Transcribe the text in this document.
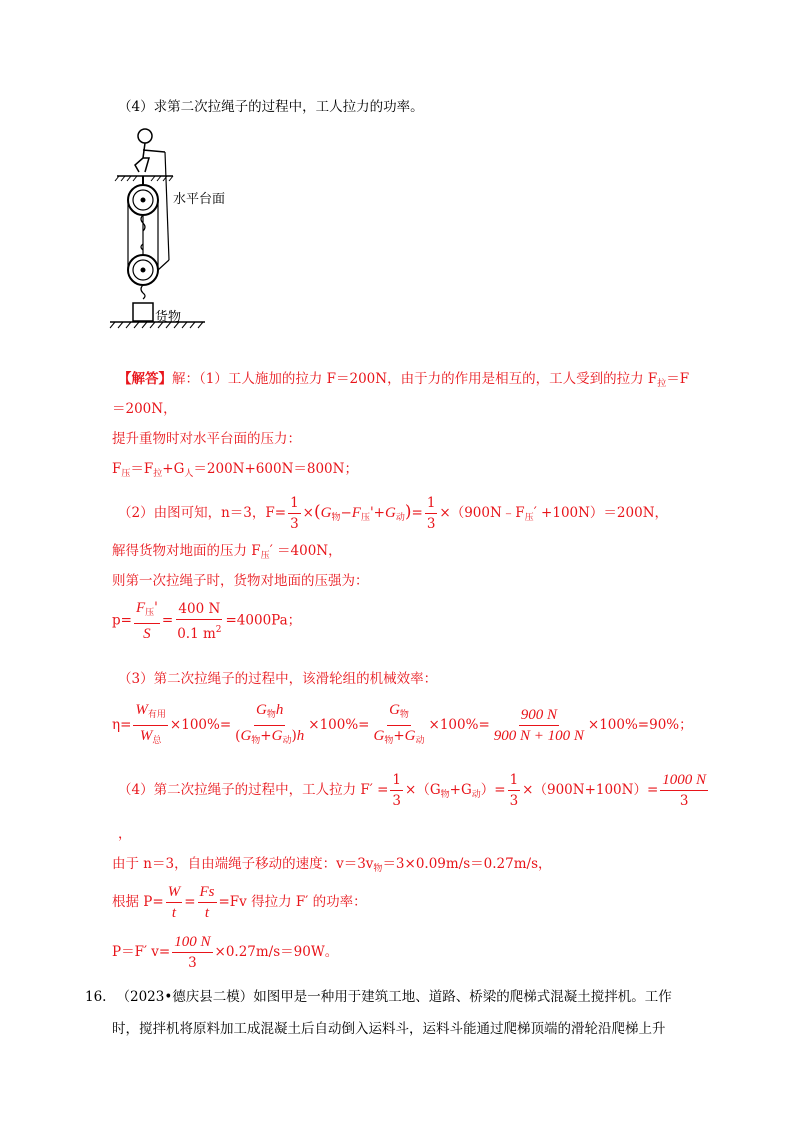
（4）求第二次拉绳子的过程中，工人拉力的功率。
水平台面
货物
【解答】解：（1）工人施加的拉力 F＝200N，由于力的作用是相互的，工人受到的拉力 $F_拉=F$
＝200N，
提升重物时对水平台面的压力：
$F_压=F_拉+G_人=200N+600N=800N$；
（2）由图可知，n＝3，$F= \frac{1}{3} \times(G_物-F_压'+G_动)= \frac{1}{3}$ $\times(900N﹣F_压' +100N)=200N$，
解得货物对地面的压力 $F_压' =400N$，
则第一次拉绳子时，货物对地面的压强为：
$p= \frac{F_压'}{S} = \frac{400 N}{0.1 m^2} =4000Pa$；
（3）第二次拉绳子的过程中，该滑轮组的机械效率：
$\eta= \frac{W_{有用}}{W_总} \times 100\%= \frac{G_物h}{(G_物+G_动)h} \times 100\%= \frac{G_物}{G_物+G_动} \times 100\%= \frac{900 N}{900 N + 100 N} \times 100\%=90\%$；
（4）第二次拉绳子的过程中，工人拉力 $F' = \frac{1}{3} \times(G_物+G_动)= \frac{1}{3} \times(900N+100N)= \frac{1000 N}{3}$
，
由于 n＝3，自由端绳子移动的速度：$v=3v_物=3\times 0.09m/s=0.27m/s$，
根据 $P= \frac{W}{t} = \frac{Fs}{t} =Fv$ 得拉力 F′ 的功率：
P＝F′ $v= \frac{100 N}{3} \times 0.27m/s=90W$。
16. （2023•德庆县二模）如图甲是一种用于建筑工地、道路、桥梁的爬梯式混凝土搅拌机。工作
时，搅拌机将原料加工成混凝土后自动倒入运料斗，运料斗能通过爬梯顶端的滑轮沿爬梯上升
